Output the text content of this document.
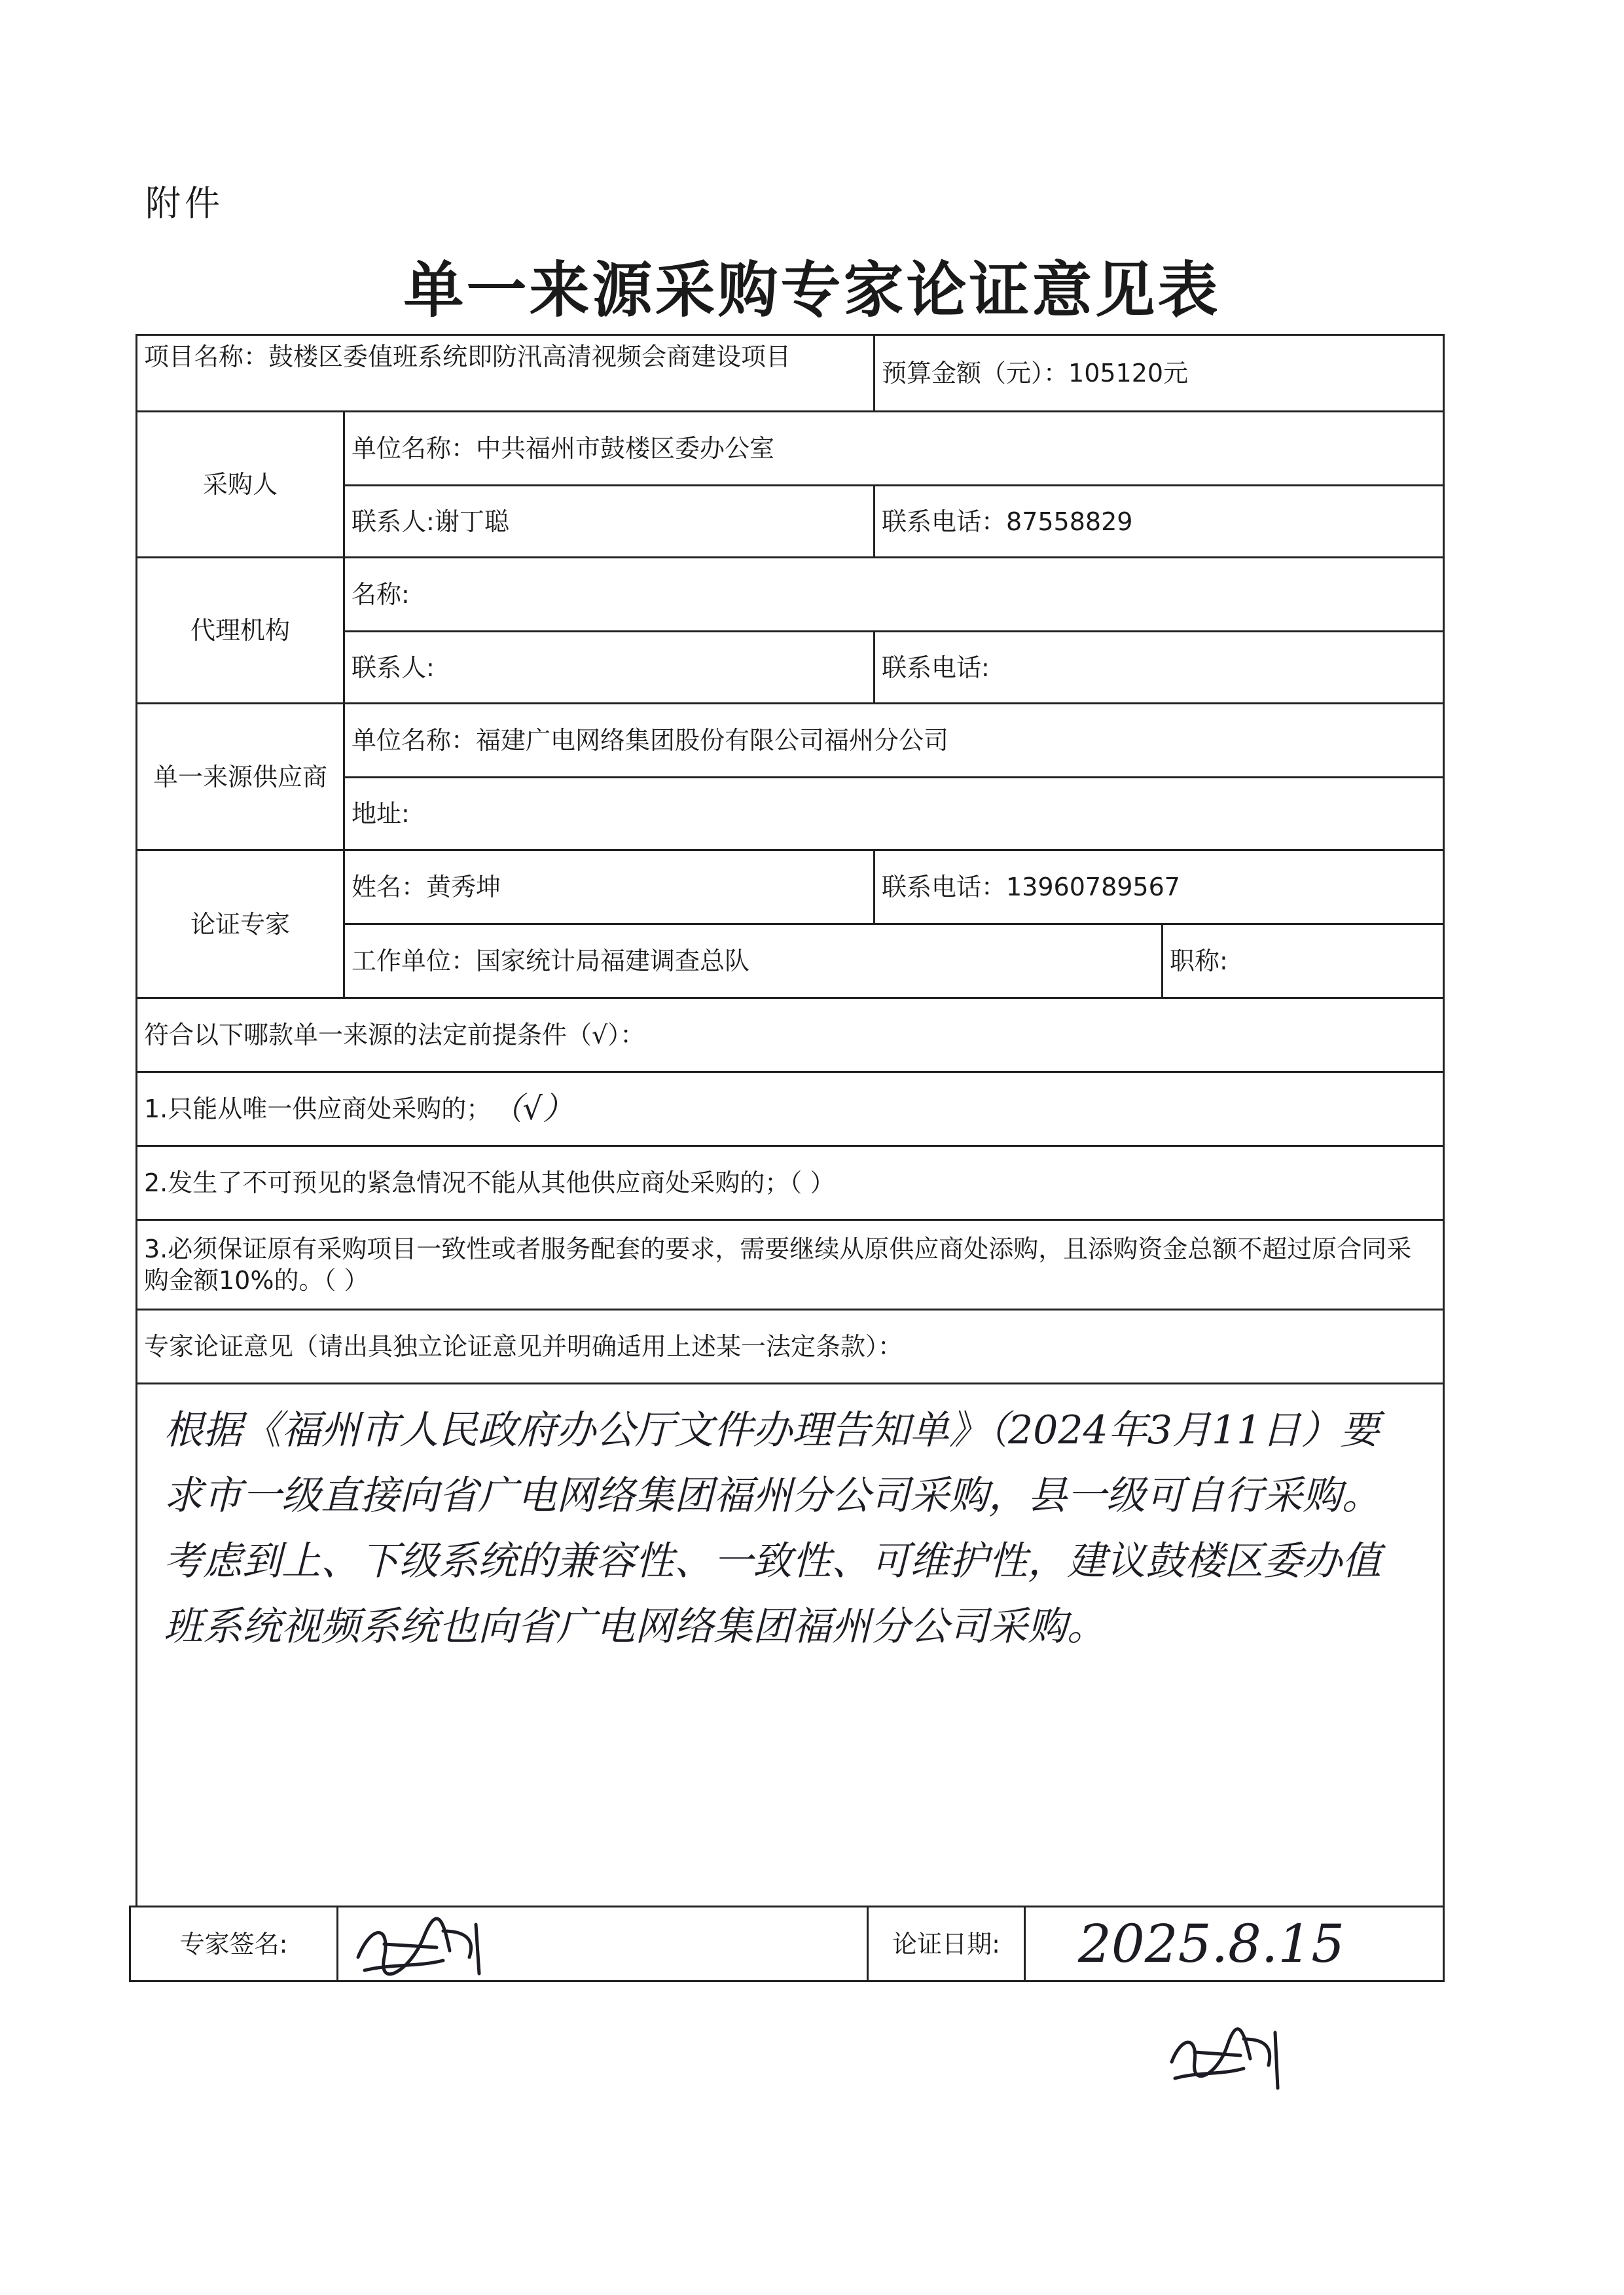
附件
单一来源采购专家论证意见表
项目名称：鼓楼区委值班系统即防汛高清视频会商建设项目
预算金额（元）： 105120元
采购人
单位名称： 中共福州市鼓楼区委办公室
联系人: 谢丁聪	联系电话： 87558829
代理机构
名称:
联系人:	联系电话:
单一来源供应商
单位名称： 福建广电网络集团股份有限公司福州分公司
地址:
论证专家
姓名： 黄秀坤	联系电话： 13960789567
工作单位： 国家统计局福建调查总队	职称:
符合以下哪款单一来源的法定前提条件（√）：
1.只能从唯一供应商处采购的； （√）
2.发生了不可预见的紧急情况不能从其他供应商处采购的；（ ）
3.必须保证原有采购项目一致性或者服务配套的要求，需要继续从原供应商处添购，且添购资金总额不超过原合同采购金额10%的。（ ）
专家论证意见（请出具独立论证意见并明确适用上述某一法定条款）：
根据《福州市人民政府办公厅文件办理告知单》（2024年3月11日）要求市一级直接向省广电网络集团福州分公司采购，县一级可自行采购。考虑到上、下级系统的兼容性、一致性、可维护性，建议鼓楼区委办值班系统视频系统也向省广电网络集团福州分公司采购。
专家签名:	论证日期:	2025.8.15
